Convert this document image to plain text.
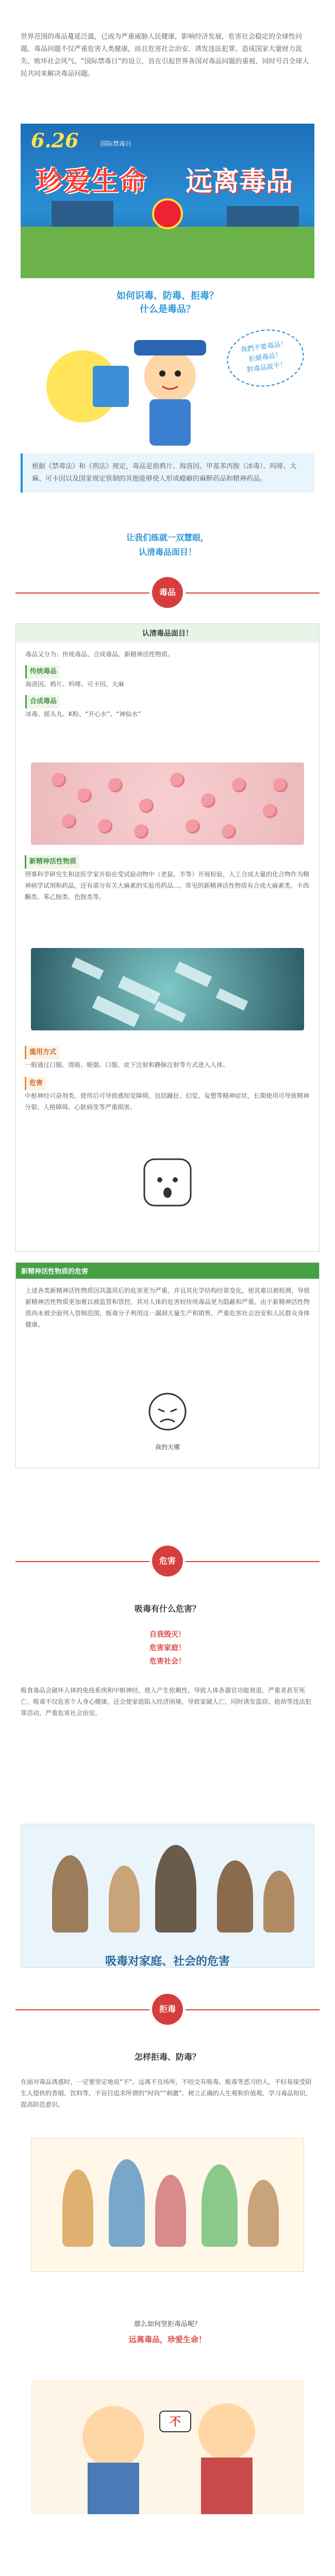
世界范围的毒品蔓延泛滥，已成为严重威胁人民健康，影响经济发展，危害社会稳定的全球性问题。毒品问题不仅严重危害人类健康，而且危害社会治安、诱发违法犯罪、造成国家大量财力流失、败坏社会风气。“国际禁毒日”的设立，旨在引起世界各国对毒品问题的重视，同时号召全球人民共同来解决毒品问题。

6.26	国际禁毒日
珍爱生命 远离毒品
如何识毒、防毒、拒毒？
什么是毒品？
我們不要毒品！
拒絕毒品！
對毒品說不！
根据《禁毒法》和《刑法》规定，毒品是指鸦片、海洛因、甲基苯丙胺（冰毒）、吗啡、大麻、可卡因以及国家规定管制的其他能够使人形成瘾癖的麻醉药品和精神药品。
让我们练就一双慧眼，
认清毒品面目！
毒品
认清毒品面目！

毒品又分为：传统毒品、合成毒品、新精神活性物质。

传统毒品

海洛因、鸦片、吗啡、可卡因、大麻

合成毒品

冰毒、摇头丸、K粉、“开心水”、“神仙水”

新精神活性物质

刑事科学研究生和法医学家开始在受试验动物中（老鼠、羊等）开展检验，人工合成大量的化合物作为精神病学试剂和药品，还有部分有关大麻素的实验用药品...。常见的新精神活性物质有合成大麻素类、卡西酮类、苯乙胺类、色胺类等。

滥用方式

一般通过口服、烫吸、吸烟、口服、皮下注射和静脉注射等方式进入人体。

危害

中枢神经兴奋剂类，使用后可导致感知觉障碍，包括躁狂、幻觉、妄想等精神症状，长期使用可导致精神分裂、人格障碍、心脏病变等严重损害。

新精神活性物质的危害

上述各类新精神活性物质因其滥用后的危害更为严重，并且其化学结构经常变化，使其难以被检测，导致新精神活性物质更加难以被监管和管控，其对人体的危害较传统毒品更为隐蔽和严重。由于新精神活性物质尚未被全面列入管制范围，贩毒分子利用这一漏洞大量生产和销售，严重危害社会治安和人民群众身体健康。

我的天哪
危害
吸毒有什么危害？
自我毁灭！
危害家庭！
危害社会！

吸食毒品会破坏人体的免疫系统和中枢神经，使人产生依赖性，导致人体各器官功能衰退，严重者甚至死亡。吸毒不仅危害个人身心健康，还会使家庭陷入经济困境，导致家破人亡，同时诱发盗窃、抢劫等违法犯罪活动，严重危害社会治安。

吸毒对家庭、社会的危害
拒毒
怎样拒毒、防毒？

在面对毒品诱惑时，一定要坚定地说“不”。远离不良场所，不结交有吸毒、贩毒等恶习的人，不轻易接受陌生人提供的香烟、饮料等，不盲目追求所谓的“时尚”“刺激”。树立正确的人生观和价值观，学习毒品知识，提高防范意识。

那么如何坚拒毒品呢？
远离毒品，珍爱生命！
不
